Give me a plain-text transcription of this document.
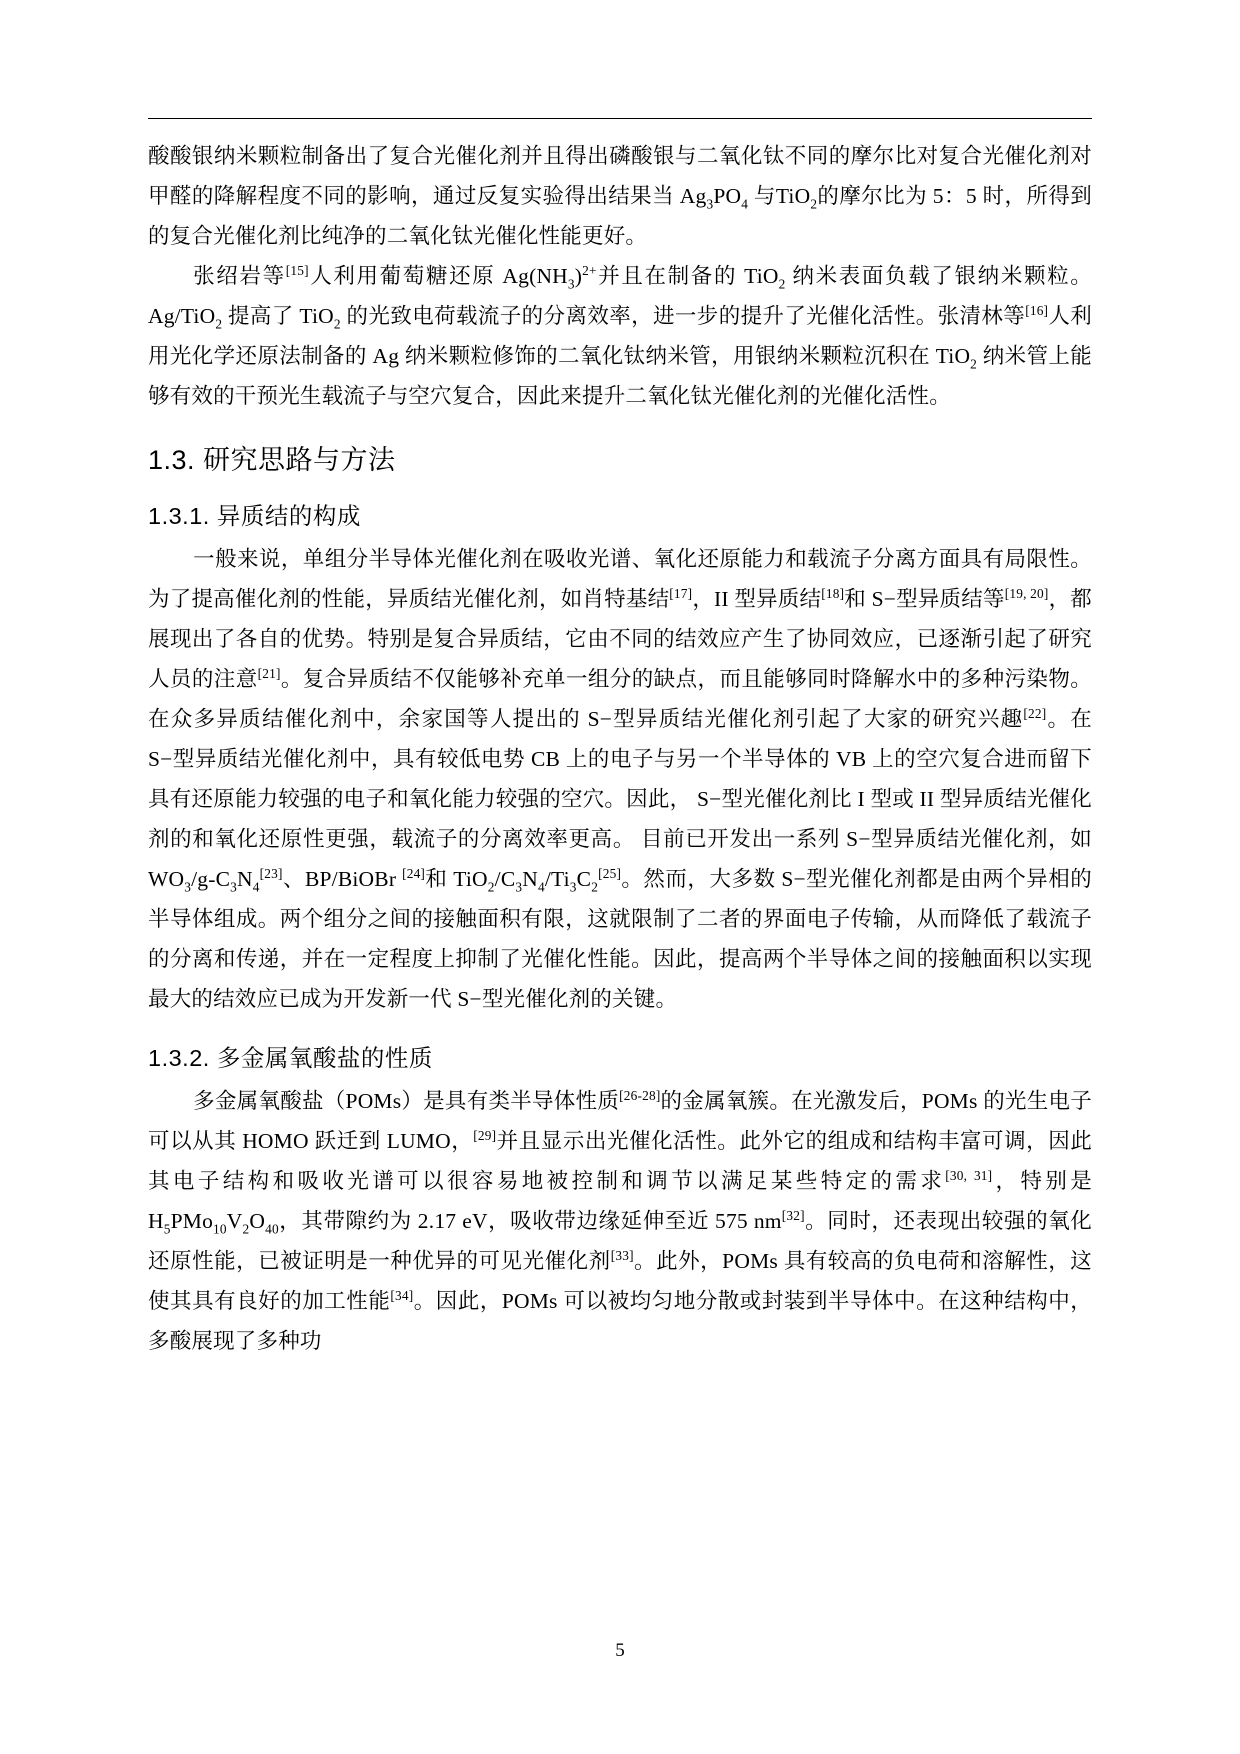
酸酸银纳米颗粒制备出了复合光催化剂并且得出磷酸银与二氧化钛不同的摩尔比对复合光催化剂对甲醛的降解程度不同的影响，通过反复实验得出结果当 $Ag_3PO_4$ 与TiO$_2$的摩尔比为 5：5 时，所得到的复合光催化剂比纯净的二氧化钛光催化性能更好。

张绍岩等[15]人利用葡萄糖还原 $Ag(NH_3)^{2+}$并且在制备的 TiO$_2$ 纳米表面负载了银纳米颗粒。Ag/TiO$_2$ 提高了 TiO$_2$ 的光致电荷载流子的分离效率，进一步的提升了光催化活性。张清林等[16]人利用光化学还原法制备的 Ag 纳米颗粒修饰的二氧化钛纳米管，用银纳米颗粒沉积在 TiO$_2$ 纳米管上能够有效的干预光生载流子与空穴复合，因此来提升二氧化钛光催化剂的光催化活性。

1.3. 研究思路与方法
1.3.1. 异质结的构成

一般来说，单组分半导体光催化剂在吸收光谱、氧化还原能力和载流子分离方面具有局限性。为了提高催化剂的性能，异质结光催化剂，如肖特基结[17]，II 型异质结[18]和 S−型异质结等[19, 20]，都展现出了各自的优势。特别是复合异质结，它由不同的结效应产生了协同效应，已逐渐引起了研究人员的注意[21]。复合异质结不仅能够补充单一组分的缺点，而且能够同时降解水中的多种污染物。在众多异质结催化剂中，余家国等人提出的 S−型异质结光催化剂引起了大家的研究兴趣[22]。在 S−型异质结光催化剂中，具有较低电势 CB 上的电子与另一个半导体的 VB 上的空穴复合进而留下具有还原能力较强的电子和氧化能力较强的空穴。因此， S−型光催化剂比 I 型或 II 型异质结光催化剂的和氧化还原性更强，载流子的分离效率更高。 目前已开发出一系列 S−型异质结光催化剂，如 $WO_3/g-C_3N_4[23]$、BP/BiOBr [24]和 $TiO_2/C_3N_4/Ti_3C_2[25]$。然而，大多数 S−型光催化剂都是由两个异相的半导体组成。两个组分之间的接触面积有限，这就限制了二者的界面电子传输，从而降低了载流子的分离和传递，并在一定程度上抑制了光催化性能。因此，提高两个半导体之间的接触面积以实现最大的结效应已成为开发新一代 S−型光催化剂的关键。

1.3.2. 多金属氧酸盐的性质

多金属氧酸盐（POMs）是具有类半导体性质[26-28]的金属氧簇。在光激发后，POMs 的光生电子可以从其 HOMO 跃迁到 LUMO，[29]并且显示出光催化活性。此外它的组成和结构丰富可调，因此其电子结构和吸收光谱可以很容易地被控制和调节以满足某些特定的需求[30, 31]，特别是 $H_5PMo_{10}V_2O_{40}$，其带隙约为 2.17 eV，吸收带边缘延伸至近 575 nm[32]。同时，还表现出较强的氧化还原性能，已被证明是一种优异的可见光催化剂[33]。此外，POMs 具有较高的负电荷和溶解性，这使其具有良好的加工性能[34]。因此，POMs 可以被均匀地分散或封装到半导体中。在这种结构中，多酸展现了多种功

5
